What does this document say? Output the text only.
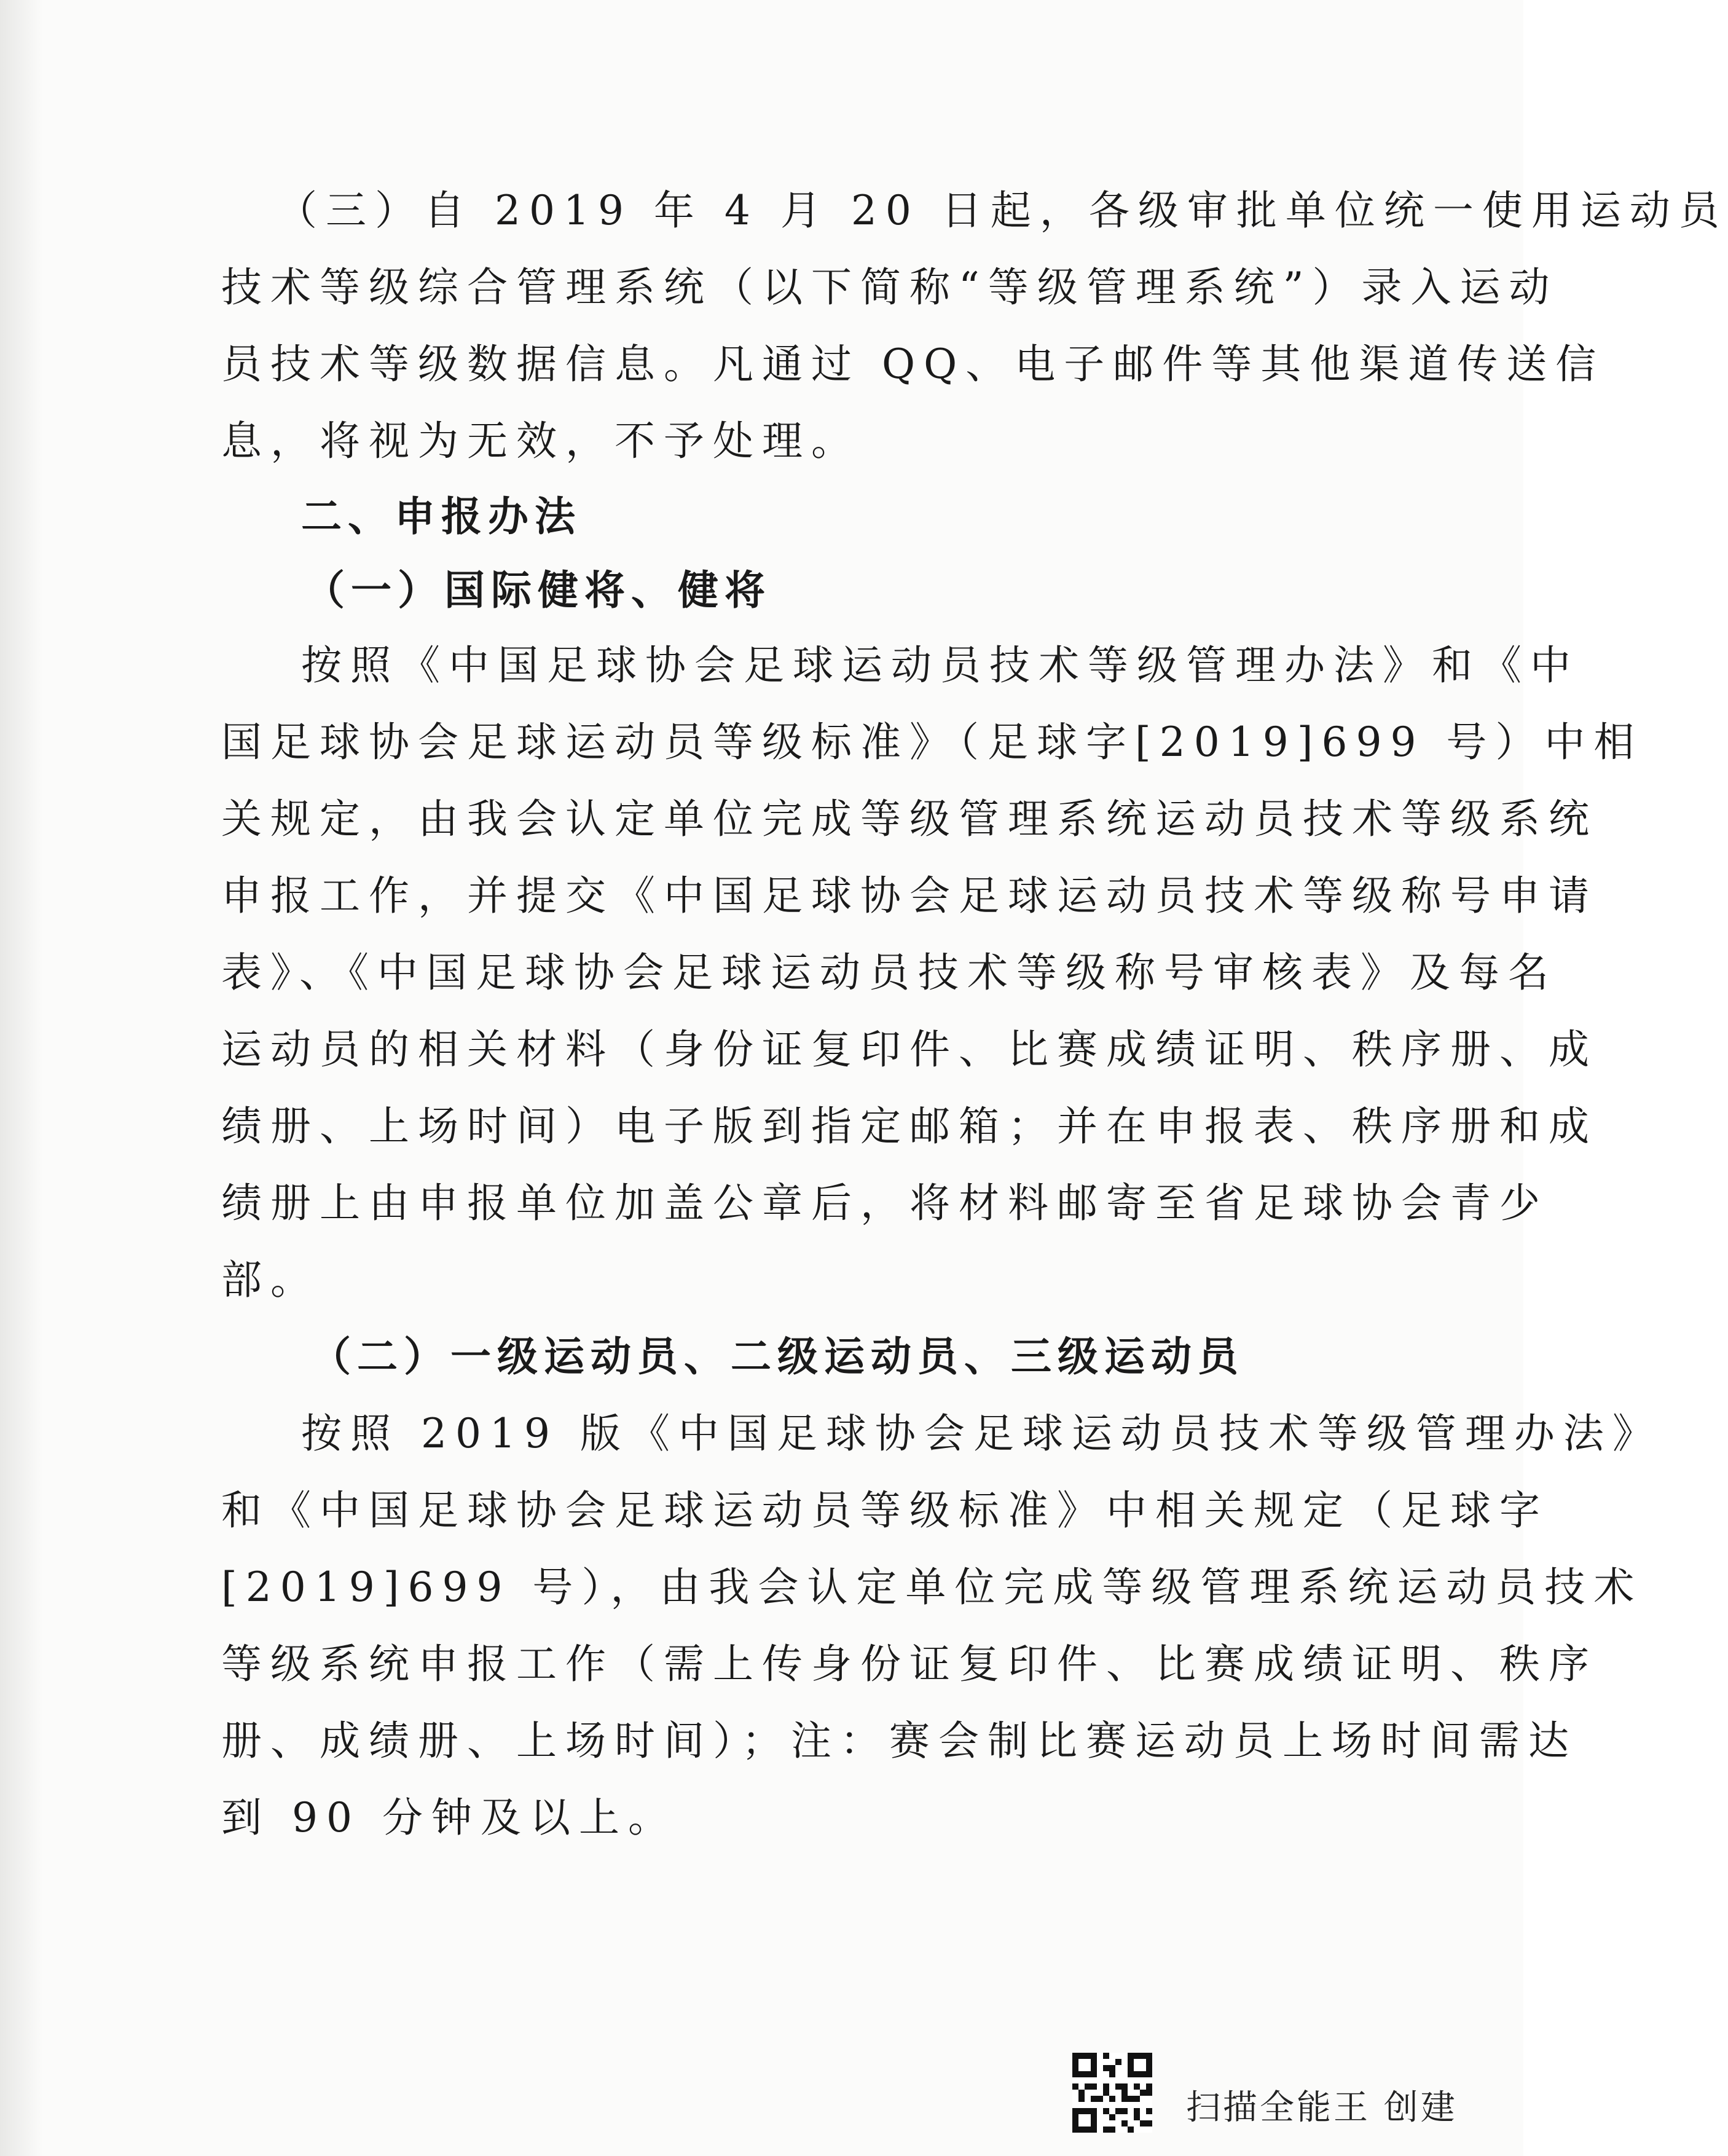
（三）自 2019 年 4 月 20 日起，各级审批单位统一使用运动员
技术等级综合管理系统（以下简称“等级管理系统”）录入运动
员技术等级数据信息。凡通过 QQ、电子邮件等其他渠道传送信
息，将视为无效，不予处理。
二、申报办法
（一）国际健将、健将
按照《中国足球协会足球运动员技术等级管理办法》和《中
国足球协会足球运动员等级标准》（足球字[2019]699 号）中相
关规定，由我会认定单位完成等级管理系统运动员技术等级系统
申报工作，并提交《中国足球协会足球运动员技术等级称号申请
表》、《中国足球协会足球运动员技术等级称号审核表》及每名
运动员的相关材料（身份证复印件、比赛成绩证明、秩序册、成
绩册、上场时间）电子版到指定邮箱；并在申报表、秩序册和成
绩册上由申报单位加盖公章后，将材料邮寄至省足球协会青少
部。
（二）一级运动员、二级运动员、三级运动员
按照 2019 版《中国足球协会足球运动员技术等级管理办法》
和《中国足球协会足球运动员等级标准》中相关规定（足球字
[2019]699 号），由我会认定单位完成等级管理系统运动员技术
等级系统申报工作（需上传身份证复印件、比赛成绩证明、秩序
册、成绩册、上场时间）；注：赛会制比赛运动员上场时间需达
到 90 分钟及以上。
扫描全能王 创建
